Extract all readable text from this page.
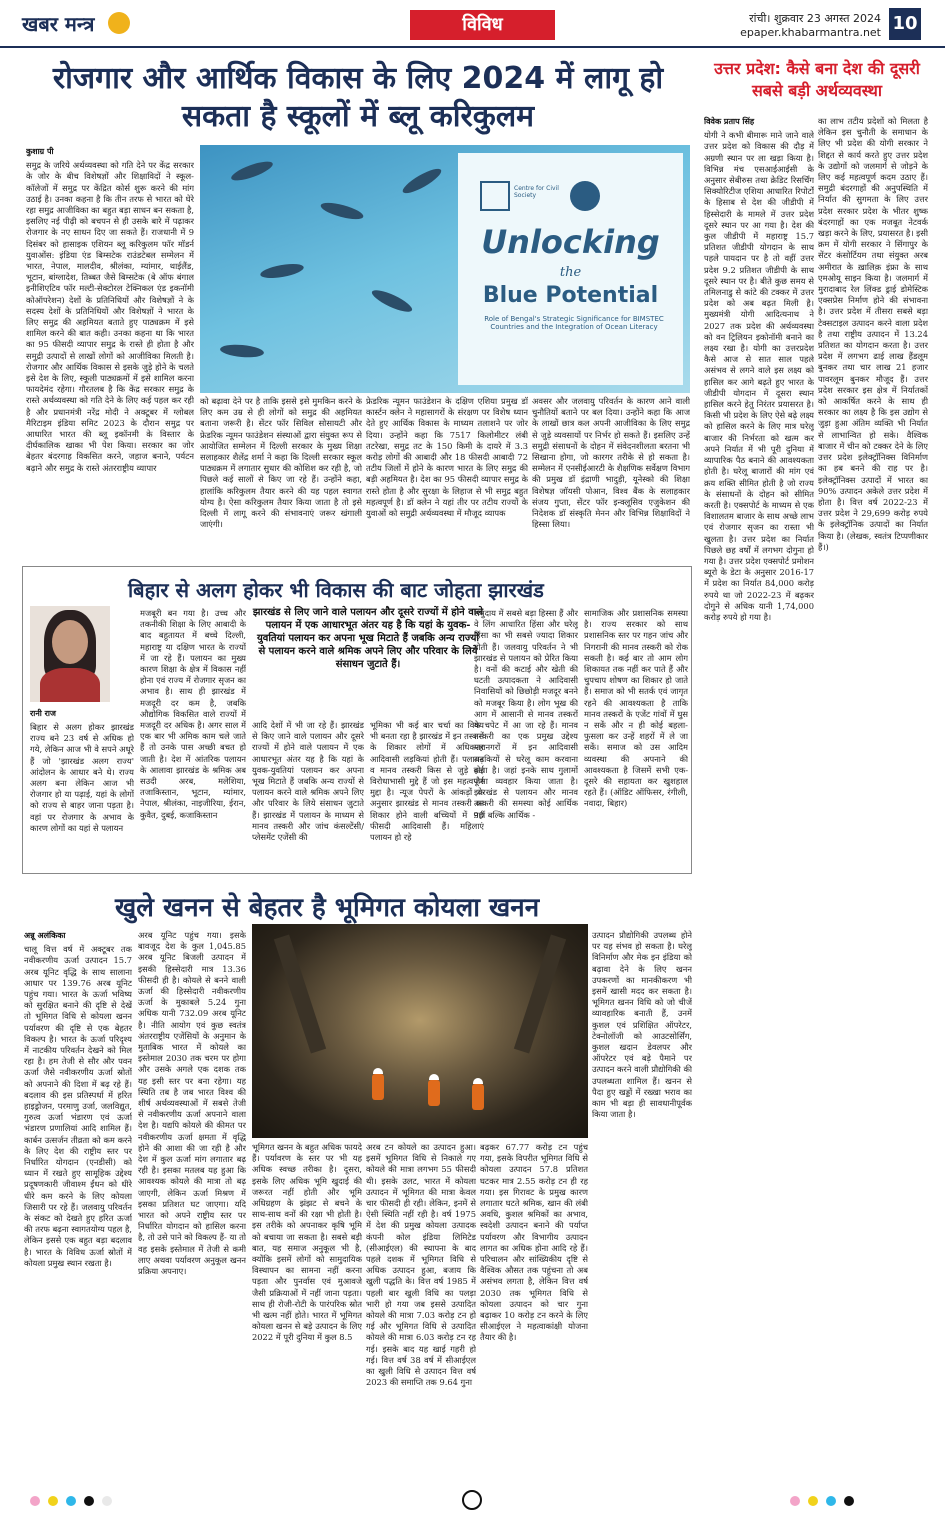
खबर मन्त्र	विविध	रांची। शुक्रवार 23 अगस्त 2024
epaper.khabarmantra.net 10
रोजगार और आर्थिक विकास के लिए 2024 में लागू हो सकता है स्कूलों में ब्लू करिकुलम
कुशाग्र पी

समुद्र के जरिये अर्थव्यवस्था को गति देने पर केंद्र सरकार के जोर के बीच विशेषज्ञों और शिक्षाविदों ने स्कूल-कॉलेजों में समुद्र पर केंद्रित कोर्स शुरू करने की मांग उठाई है। उनका कहना है कि तीन तरफ से भारत को घेरे रहा समुद्र आजीविका का बहुत बड़ा साधन बन सकता है, इसलिए नई पीढ़ी को बचपन से ही उसके बारे में पढ़ाकर रोजगार के नए साधन दिए जा सकते हैं। राजधानी में 9 दिसंबर को हासाइक एशियन ब्लू करिकुलम फॉर मॉडर्न युवाओंस: इंडिया एंड बिम्सटेक राउंडटेबल सम्मेलन में भारत, नेपाल, मालदीव, श्रीलंका, म्यांमार, थाईलैंड, भूटान, बांग्लादेश, तिब्बत जैसे बिम्सटेक (बे ऑफ बंगाल इनीशिएटिव फॉर मल्टी-सेक्टोरल टेक्निकल एंड इकनॉमी कोऑपरेशन) देशों के प्रतिनिधियों और विशेषज्ञों ने के सदस्य देशों के प्रतिनिधियों और विशेषज्ञों ने भारत के लिए समुद्र की अहमियत बताते हुए पाठ्यक्रम में इसे शामिल करने की बात कही। उनका कहना था कि भारत का 95 फीसदी व्यापार समुद्र के रास्ते ही होता है और समुद्री उत्पादों से लाखों लोगों को आजीविका मिलती है। रोजगार और आर्थिक विकास से इसके जुड़े होने के चलते इसे देश के लिए, स्कूली पाठ्यक्रमों में इसे शामिल करना फायदेमंद रहेगा। गौरतलब है कि केंद्र सरकार समुद्र के रास्ते अर्थव्यवस्था को गति देने के लिए कई पहल कर रही है और प्रधानमंत्री नरेंद्र मोदी ने अक्टूबर में ग्लोबल मैरिटाइम इंडिया समिट 2023 के दौरान समुद्र पर आधारित भारत की ब्लू इकॉनमी के विस्तार के दीर्घकालिक खाका भी पेश किया। सरकार का जोर बेहतर बंदरगाह विकसित करने, जहाज बनाने, पर्यटन बढ़ाने और समुद्र के रास्ते अंतरराष्ट्रीय व्यापार

Centre for Civil Society
Unlocking
the
Blue Potential
Role of Bengal's Strategic Significance for BIMSTEC Countries and the Integration of Ocean Literacy

को बढ़ावा देने पर है ताकि इससे इसे मुमकिन करने के लिए कम उम्र से ही लोगों को समुद्र की अहमियत बताना जरूरी है। सेंटर फॉर सिविल सोसायटी और फ्रेडरिक न्यूमन फाउंडेशन संस्थाओं द्वारा संयुक्त रूप से आयोजित सम्मेलन में दिल्ली सरकार के मुख्य शिक्षा सलाहकार शैलेंद्र शर्मा ने कहा कि दिल्ली सरकार स्कूल पाठ्यक्रम में लगातार सुधार की कोशिश कर रही है, जो पिछले कई सालों से किए जा रहे हैं। उन्होंने कहा, हालांकि करिकुलम तैयार करने की यह पहल स्वागत योग्य है। ऐसा करिकुलम तैयार किया जाता है तो इसे दिल्ली में लागू करने की संभावनाएं जरूर खंगाली जाएंगी।

फ्रेडरिक न्यूमन फाउंडेशन के दक्षिण एशिया प्रमुख डॉ कार्स्टन क्लेन ने महासागरों के संरक्षण पर विशेष ध्यान देते हुए आर्थिक विकास के माध्यम तलाशने पर जोर दिया। उन्होंने कहा कि 7517 किलोमीटर लंबी तटरेखा, समुद्र तट के 150 किमी के दायरे में 3.3 करोड़ लोगों की आबादी और 18 फीसदी आबादी 72 तटीय जिलों में होने के कारण भारत के लिए समुद्र की बड़ी अहमियत है। देश का 95 फीसदी व्यापार समुद्र के रास्ते होता है और सुरक्षा के लिहाज से भी समुद्र बहुत महत्वपूर्ण है। डॉ क्लेन ने यहां तीर पर तटीय राज्यों के युवाओं को समुद्री अर्थव्यवस्था में मौजूद व्यापक

अवसर और जलवायु परिवर्तन के कारण आने वाली चुनौतियों बताने पर बल दिया। उन्होंने कहा कि आज के लाखों छात्र कल अपनी आजीविका के लिए समुद्र से जुड़े व्यवसायों पर निर्भर हो सकते हैं। इसलिए उन्हें समुद्री संसाधनों के दोहन में संवेदनशीलता बरतना भी सिखाना होगा, जो कारगर तरीके से हो सकता है। सम्मेलन में एनसीईआरटी के शैक्षणिक सर्वेक्षण विभाग की प्रमुख डॉ इंद्राणी भादुड़ी, यूनेस्को की शिक्षा विशेषज्ञ जॉयसी पोआन, विश्व बैंक के सलाहकार संजय गुप्ता, सेंटर फॉर इन्क्लूसिव एजुकेशन की निदेशक डॉ संस्कृति मेनन और विभिन्न शिक्षाविदों ने हिस्सा लिया।

उत्तर प्रदेश: कैसे बना देश की दूसरी सबसे बड़ी अर्थव्यवस्था
विवेक प्रताप सिंह

योगी ने कभी बीमारू माने जाने वाले उत्तर प्रदेश को विकास की दौड़ में अग्रणी स्थान पर ला खड़ा किया है। विभिन्न मंच एसआईआईसी के अनुसार सेबीरुस तथा क्रेडिट रिसर्चिंग सिक्योरिटीज एशिया आधारित रिपोर्टों के हिसाब से देश की जीडीपी में हिस्सेदारी के मामले में उत्तर प्रदेश दूसरे स्थान पर आ गया है। देश की कुल जीडीपी में महाराष्ट्र 15.7 प्रतिशत जीडीपी योगदान के साथ पहले पायदान पर है तो वहीं उत्तर प्रदेश 9.2 प्रतिशत जीडीपी के साथ दूसरे स्थान पर है। बीते कुछ समय से तमिलनाडु से कांटे की टक्कर में उत्तर प्रदेश को अब बढ़त मिली है। मुख्यमंत्री योगी आदित्यनाथ ने 2027 तक प्रदेश की अर्थव्यवस्था को वन ट्रिलियन इकोनॉमी बनाने का लक्ष्य रखा है। योगी का उत्तरप्रदेश कैसे आज से सात साल पहले असंभव से लगने वाले इस लक्ष्य को हासिल कर आगे बढ़ते हुए भारत के जीडीपी योगदान में दूसरा स्थान हासिल करने हेतु निरंतर प्रयासरत है। किसी भी प्रदेश के लिए ऐसे बढ़े लक्ष्य को हासिल करने के लिए मात्र घरेलू बाजार की निर्भरता को खत्म कर अपने निर्यात में भी पूरी दुनिया में व्यापारिक पैठ बनाने की आवश्यकता होती है। घरेलू बाजारों की मांग एवं क्रय शक्ति सीमित होती है जो राज्य के संसाधनों के दोहन को सीमित करती है। एक्सपोर्ट के माध्यम से एक विशालतम बाजार के साथ अच्छे लाभ एवं रोजगार सृजन का रास्ता भी खुलता है। उत्तर प्रदेश का निर्यात पिछले छह वर्षों में लगभग दोगुना हो गया है। उत्तर प्रदेश एक्सपोर्ट प्रमोशन ब्यूरो के डेटा के अनुसार 2016-17 में प्रदेश का निर्यात 84,000 करोड़ रुपये था जो 2022-23 में बढ़कर दोगुने से अधिक यानी 1,74,000 करोड़ रुपये हो गया है।

का लाभ तटीय प्रदेशों को मिलता है लेकिन इस चुनौती के समाधान के लिए भी प्रदेश की योगी सरकार ने शिद्दत से कार्य करते हुए उत्तर प्रदेश के उद्योगों को जलमार्ग से जोड़ने के लिए कई महत्वपूर्ण कदम उठाए हैं। समुद्री बंदरगाहों की अनुपस्थिति में निर्यात की सुगमता के लिए उत्तर प्रदेश सरकार प्रदेश के भीतर शुष्क बंदरगाहों का एक मजबूत नेटवर्क खड़ा करने के लिए, प्रयासरत है। इसी क्रम में योगी सरकार ने सिंगापुर के सेंटर कंसोर्टियम तथा संयुक्त अरब अमीरात के ख़ालिक़ इंफ्रा के साथ एमओयू साइन किया है। जलमार्ग में मुरादाबाद रेल लिंक्ड ड्राई डोमेस्टिक एक्सप्रेस निर्माण होने की संभावना है। उत्तर प्रदेश में तीसरा सबसे बड़ा टेक्सटाइल उत्पादन करने वाला प्रदेश है तथा राष्ट्रीय उत्पादन में 13.24 प्रतिशत का योगदान करता है। उत्तर प्रदेश में लगभग ढाई लाख हैंडलूम बुनकर तथा चार लाख 21 हजार पावरलूम बुनकर मौजूद हैं। उत्तर प्रदेश सरकार इस क्षेत्र में निर्यातकों को आकर्षित करने के साथ ही सरकार का लक्ष्य है कि इस उद्योग से जुड़ा हुआ अंतिम व्यक्ति भी निर्यात से लाभान्वित हो सके। वैश्विक बाजार में चीन को टक्कर देने के लिए उत्तर प्रदेश इलेक्ट्रॉनिक्स विनिर्माण का हब बनने की राह पर है। इलेक्ट्रॉनिक्स उत्पादों में भारत का 90% उत्पादन अकेले उत्तर प्रदेश में होता है। वित्त वर्ष 2022-23 में उत्तर प्रदेश ने 29,699 करोड़ रुपये के इलेक्ट्रॉनिक उत्पादों का निर्यात किया है। (लेखक, स्वतंत्र टिप्पणीकार हैं।)

बिहार से अलग होकर भी विकास की बाट जोहता झारखंड
रानी राज

बिहार से अलग होकर झारखंड राज्य बने 23 वर्ष से अधिक हो गये, लेकिन आज भी वे सपने अधूरे हैं जो 'झारखंड अलग राज्य' आंदोलन के आधार बने थे। राज्य अलग बना लेकिन आज भी रोजगार हो या पढ़ाई, यहां के लोगों को राज्य से बाहर जाना पड़ता है। वहां पर रोजगार के अभाव के कारण लोगों का यहां से पलायन

मजबूरी बन गया है। उच्च और तकनीकी शिक्षा के लिए आबादी के बाद बहुतायत में बच्चे दिल्ली, महाराष्ट्र या दक्षिण भारत के राज्यों में जा रहे हैं। पलायन का मुख्य कारण शिक्षा के क्षेत्र में विकास नहीं होना एवं राज्य में रोजगार सृजन का अभाव है। साथ ही झारखंड में मजदूरी दर कम है, जबकि औद्योगिक विकसित वाले राज्यों में मजदूरी दर अधिक है। अगर साल में एक बार भी अमिक काम चले जाते हैं तो उनके पास अच्छी बचत हो जाती है। देश में आंतरिक पलायन के आलावा झारखंड के श्रमिक अब सउदी अरब, मलेशिया, तजाकिस्तान, भूटान, म्यांमार, नेपाल, श्रीलंका, नाइजीरिया, ईरान, कुवैत, दुबई, कजाकिस्तान

झारखंड से लिए जाने वाले पलायन और दूसरे राज्यों में होने वाले पलायन में एक आधारभूत अंतर यह है कि यहां के युवक- युवतियां पलायन कर अपना भूख मिटाते हैं जबकि अन्य राज्यों से पलायन करने वाले श्रमिक अपने लिए और परिवार के लिये संसाधन जुटाते हैं।

आदि देशों में भी जा रहे हैं। झारखंड से किए जाने वाले पलायन और दूसरे राज्यों में होने वाले पलायन में एक आधारभूत अंतर यह है कि यहां के युवक-युवतियां पलायन कर अपना भूख मिटाते हैं जबकि अन्य राज्यों से पलायन करने वाले श्रमिक अपने लिए और परिवार के लिये संसाधन जुटाते हैं। झारखंड में पलायन के माध्यम से मानव तस्करी और जांच कंसल्टेंसी/प्लेसमेंट एजेंसी की

भूमिका भी कई बार चर्चा का विषय भी बनता रहा है झारखंड में इन तस्करों के शिकार लोगों में अधिकतर आदिवासी लड़कियां होती हैं। पलायन व मानव तस्करी किस से जुड़े कई विरोधाभासी मुद्दे हैं जो इस महत्वपूर्ण मुद्दा है। न्यूज पेपरों के आंकड़ों के अनुसार झारखंड से मानव तस्करी का शिकार होने वाली बच्चियों में 90 फीसदी आदिवासी हैं। महिलाएं पलायन हो रहे

समुदाय में सबसे बड़ा हिस्सा हैं और वे लिंग आधारित हिंसा और घरेलू हिंसा का भी सबसे ज्यादा शिकार होती हैं। जलवायु परिवर्तन ने भी झारखंड से पलायन को प्रेरित किया है। वनों की कटाई और खेती की घटती उत्पादकता ने आदिवासी निवासियों को छिछोड़ी मजदूर बनने को मजबूर किया है। लोग भूख की आग में आसानी से मानव तस्करों के चपेट में आ जा रहे हैं। मानव तस्करी का एक प्रमुख उद्देश्य महानगरों में इन आदिवासी लड़कियों से घरेलू काम करवाना होता है। जहां इनके साथ गुलामों जैसा व्यवहार किया जाता है। झारखंड से पलायन और मानव तस्करी की समस्या कोई आर्थिक नहीं बल्कि आर्थिक -

सामाजिक और प्रशासनिक समस्या है। राज्य सरकार को साथ प्रशासनिक स्तर पर गहन जांच और निगरानी की मानव तस्करी को रोक सकती है। कई बार तो आम लोग शिकायत तक नहीं कर पाते हैं और चुपचाप शोषण का शिकार हो जाते हैं। समाज को भी सतर्क एवं जागृत रहने की आवश्यकता है ताकि मानव तस्करों के एजेंट गांवों में घुस न सकें और न ही कोई बहला-फुसला कर उन्हें शहरों में ले जा सकें। समाज को उस आदिम व्यवस्था की अपनाने की आवश्यकता है जिसमें सभी एक-दूसरे की सहायता कर खुशहाल रहते हैं। (ऑडिट ऑफिसर, रंगीली, नवादा, बिहार)

खुले खनन से बेहतर है भूमिगत कोयला खनन
अन्नू अलंकिका

चालू वित्त वर्ष में अक्टूबर तक नवीकरणीय ऊर्जा उत्पादन 15.7 अरब यूनिट वृद्धि के साथ सालाना आधार पर 139.76 अरब यूनिट पहुंच गया। भारत के ऊर्जा भविष्य को सुरक्षित बनाने की दृष्टि से देखें तो भूमिगत विधि से कोयला खनन पर्यावरण की दृष्टि से एक बेहतर विकल्प है। भारत के ऊर्जा परिदृश्य में नाटकीय परिवर्तन देखने को मिल रहा है। हम तेजी से सौर और पवन ऊर्जा जैसे नवीकरणीय ऊर्जा स्रोतों को अपनाने की दिशा में बढ़ रहे हैं। बदलाव की इस प्रतिस्पर्धा में हरित हाइड्रोजन, परमाणु उर्जा, जलविद्युत, गुरुत्व ऊर्जा भंडारण एवं ऊर्जा भंडारण प्रणालियां आदि शामिल हैं। कार्बन उत्सर्जन तीव्रता को कम करने के लिए देश की राष्ट्रीय स्तर पर निर्धारित योगदान (एनडीसी) को ध्यान में रखते हुए सामूहिक उद्देश्य प्रदूषणकारी जीवाश्म ईंधन को धीरे धीरे कम करने के लिए कोयला जिसारी पर रहे हैं। जलवायु परिवर्तन के संकट को देखते हुए हरित ऊर्जा की तरफ बढ़ना स्वागतयोग्य पहल है, लेकिन इससे एक बहुत बड़ा बदलाव है। भारत के विविध ऊर्जा स्रोतों में कोयला प्रमुख स्थान रखता है।

अरब यूनिट पहुंच गया। इसके बावजूद देश के कुल 1,045.85 अरब यूनिट बिजली उत्पादन में इसकी हिस्सेदारी मात्र 13.36 फीसदी ही है। कोयले से बनने वाली ऊर्जा की हिस्सेदारी नवीकरणीय ऊर्जा के मुकाबले 5.24 गुना अधिक यानी 732.09 अरब यूनिट है। नीति आयोग एवं कुछ स्वतंत्र अंतरराष्ट्रीय एजेंसियों के अनुमान के मुताबिक भारत में कोयले का इस्तेमाल 2030 तक चरम पर होगा और उसके अगले एक दशक तक यह इसी स्तर पर बना रहेगा। यह स्थिति तब है जब भारत विश्व की शीर्ष अर्थव्यवस्थाओं में सबसे तेजी से नवीकरणीय ऊर्जा अपनाने वाला देश है। यद्यपि कोयले की कीमत पर नवीकरणीय ऊर्जा क्षमता में वृद्धि होने की आशा की जा रही है और देश में कुल ऊर्जा मांग लगातार बढ़ रही है। इसका मतलब यह हुआ कि आवश्यक कोयले की मात्रा तो बढ़ जाएगी, लेकिन ऊर्जा मिश्रण में इसका प्रतिशत घट जाएगा। यदि भारत को अपने राष्ट्रीय स्तर पर निर्धारित योगदान को हासिल करना है, तो उसे पाने को विकल्प हैं- या तो वह इसके इस्तेमाल में तेजी से कमी लाए अथवा पर्यावरण अनुकूल खनन प्रक्रिया अपनाए।

भूमिगत खनन के बहुत अधिक फायदे हैं। पर्यावरण के स्तर पर भी यह अधिक स्वच्छ तरीका है। दूसरा, इसके लिए अधिक भूमि खुदाई की जरूरत नहीं होती और भूमि अधिग्रहण के झंझट से बचने के साथ-साथ वनों की रक्षा भी होती है। इस तरीके को अपनाकर कृषि भूमि को बचाया जा सकता है। सबसे बड़ी बात, यह समाज अनुकूल भी है, क्योंकि इसमें लोगों को सामुदायिक विस्थापन का सामना नहीं करना पड़ता और पुनर्वास एवं मुआवजे जैसी प्रक्रियाओं में नहीं जाना पड़ता। साथ ही रोजी-रोटी के पारंपरिक स्रोत भी खत्म नहीं होते। भारत में भूमिगत कोयला खनन से बड़े उत्पादन के लिए 2022 में पूरी दुनिया में कुल 8.5

अरब टन कोयले का उत्पादन हुआ। इसमें भूमिगत विधि से निकाले गए कोयले की मात्रा लगभग 55 फीसदी थी। इसके उलट, भारत में कोयला उत्पादन में भूमिगत की मात्रा केवल चार फीसदी ही रही। लेकिन, इनमें से ऐसी स्थिति नहीं रही है। वर्ष 1975 में देश की प्रमुख कोयला उत्पादक कंपनी कोल इंडिया लिमिटेड (सीआईएल) की स्थापना के बाद पहले दशक में भूमिगत विधि से अधिक उत्पादन हुआ, बजाय कि खुली पद्धति के। वित्त वर्ष 1985 में पहली बार खुली विधि का पलड़ा भारी हो गया जब इससे उत्पादित कोयले की मात्रा 7.03 करोड़ टन हो गई और भूमिगत विधि से उत्पादित कोयले की मात्रा 6.03 करोड़ टन रह गई। इसके बाद यह खाई गहरी हो गई। वित्त वर्ष 38 वर्ष में सीआईएल का खुली विधि से उत्पादन वित्त वर्ष 2023 की समाप्ति तक 9.64 गुना

बढ़कर 67.77 करोड़ टन पहुंच गया, इसके विपरीत भूमिगत विधि से कोयला उत्पादन 57.8 प्रतिशत घटकर मात्र 2.55 करोड़ टन ही रह गया। इस गिरावट के प्रमुख कारण लगातार घटते श्रमिक, खान की लंबी अवधि, कुशल श्रमिकों का अभाव, स्वदेशी उत्पादन बनाने की पर्याप्त पर्यावरण और विभागीय उत्पादन लागत का अधिक होना आदि रहे हैं। परिचालन और सांख्यिकीय दृष्टि से वैश्विक औसत तक पहुंचना तो अब असंभव लगता है, लेकिन वित्त वर्ष 2030 तक भूमिगत विधि से कोयला उत्पादन को चार गुना बढ़ाकर 10 करोड़ टन करने के लिए सीआईएल ने महत्वाकांक्षी योजना तैयार की है।

उत्पादन प्रौद्योगिकी उपलब्ध होने पर यह संभव हो सकता है। घरेलू विनिर्माण और मेक इन इंडिया को बढ़ावा देने के लिए खनन उपकरणों का मानकीकरण भी इसमें खासी मदद कर सकता है। भूमिगत खनन विधि को जो चीजें व्यावहारिक बनाती हैं, उनमें कुशल एवं प्रशिक्षित ऑपरेटर, टेक्नोलॉजी को आउटसोर्सिंग, कुशल खदान डेवलपर और ऑपरेटर एवं बड़े पैमाने पर उत्पादन करने वाली प्रौद्योगिकी की उपलब्धता शामिल हैं। खनन से पैदा हुए खड्डों में रख्खा भराव का काम भी बड़ा ही सावधानीपूर्वक किया जाता है।
